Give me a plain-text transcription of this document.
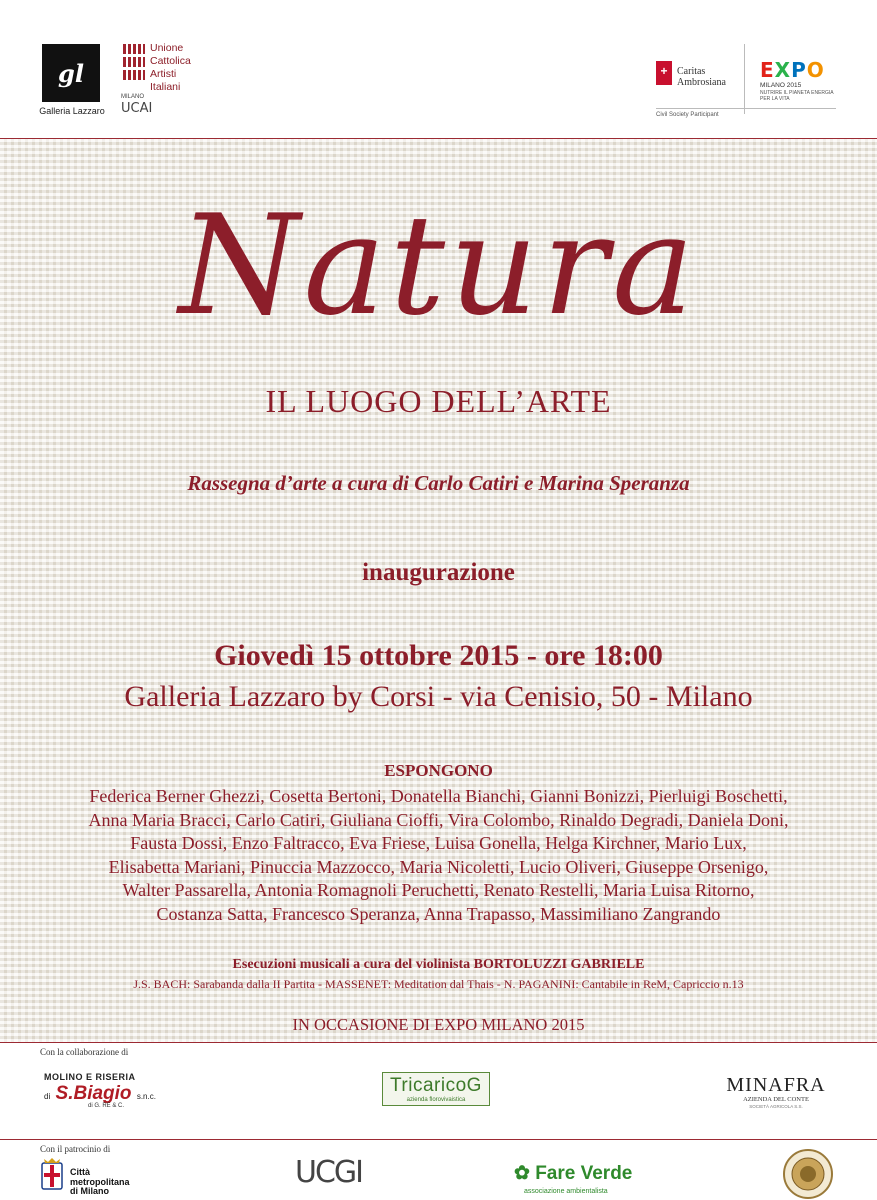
gl
Galleria Lazzaro
Unione
Cattolica
Artisti
Italiani
MILANO
UCAI
+ Caritas
Ambrosiana
Civil Society Participant
EXPO
MILANO 2015
NUTRIRE IL PIANETA ENERGIA PER LA VITA
Natura
IL LUOGO DELL’ARTE
Rassegna d’arte a cura di Carlo Catiri e Marina Speranza
inaugurazione
Giovedì 15 ottobre 2015 - ore 18:00
Galleria Lazzaro by Corsi - via Cenisio, 50 - Milano
ESPONGONO
Federica Berner Ghezzi, Cosetta Bertoni, Donatella Bianchi, Gianni Bonizzi, Pierluigi Boschetti,
Anna Maria Bracci, Carlo Catiri, Giuliana Cioffi, Vira Colombo, Rinaldo Degradi, Daniela Doni,
Fausta Dossi, Enzo Faltracco, Eva Friese, Luisa Gonella, Helga Kirchner, Mario Lux,
Elisabetta Mariani, Pinuccia Mazzocco, Maria Nicoletti, Lucio Oliveri, Giuseppe Orsenigo,
Walter Passarella, Antonia Romagnoli Peruchetti, Renato Restelli, Maria Luisa Ritorno,
Costanza Satta, Francesco Speranza, Anna Trapasso, Massimiliano Zangrando
Esecuzioni musicali a cura del violinista BORTOLUZZI GABRIELE
J.S. BACH: Sarabanda dalla II Partita - MASSENET: Meditation dal Thais - N. PAGANINI: Cantabile in ReM, Capriccio n.13
IN OCCASIONE DI EXPO MILANO 2015
Con la collaborazione di
MOLINO E RISERIA
di S.Biagio s.n.c.
di G. RE & C.
TricaricoG
azienda florovivaistica
MINAFRA
AZIENDA DEL CONTE
SOCIETÀ AGRICOLA S.S.
Con il patrocinio di
Città
metropolitana
di Milano
UCGI	✿ Fare Verde
associazione ambientalista
